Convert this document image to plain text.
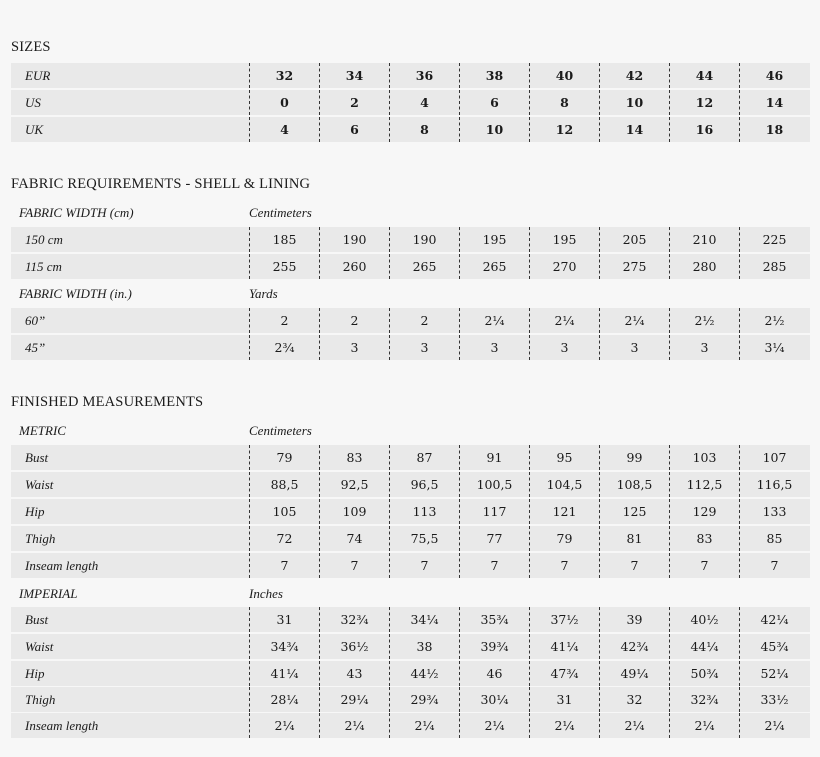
SIZES
EUR	32	34	36	38	40	42	44	46
US	0	2	4	6	8	10	12	14
UK	4	6	8	10	12	14	16	18
FABRIC REQUIREMENTS - SHELL & LINING
FABRIC WIDTH (cm)	Centimeters
150 cm	185	190	190	195	195	205	210	225
115 cm	255	260	265	265	270	275	280	285
FABRIC WIDTH (in.)	Yards
60”	2	2	2	2¼	2¼	2¼	2½	2½
45”	2¾	3	3	3	3	3	3	3¼
FINISHED MEASUREMENTS
METRIC	Centimeters
Bust	79	83	87	91	95	99	103	107
Waist	88,5	92,5	96,5	100,5	104,5	108,5	112,5	116,5
Hip	105	109	113	117	121	125	129	133
Thigh	72	74	75,5	77	79	81	83	85
Inseam length	7	7	7	7	7	7	7	7
IMPERIAL	Inches
Bust	31	32¾	34¼	35¾	37½	39	40½	42¼
Waist	34¾	36½	38	39¾	41¼	42¾	44¼	45¾
Hip	41¼	43	44½	46	47¾	49¼	50¾	52¼
Thigh	28¼	29¼	29¾	30¼	31	32	32¾	33½
Inseam length	2¼	2¼	2¼	2¼	2¼	2¼	2¼	2¼
